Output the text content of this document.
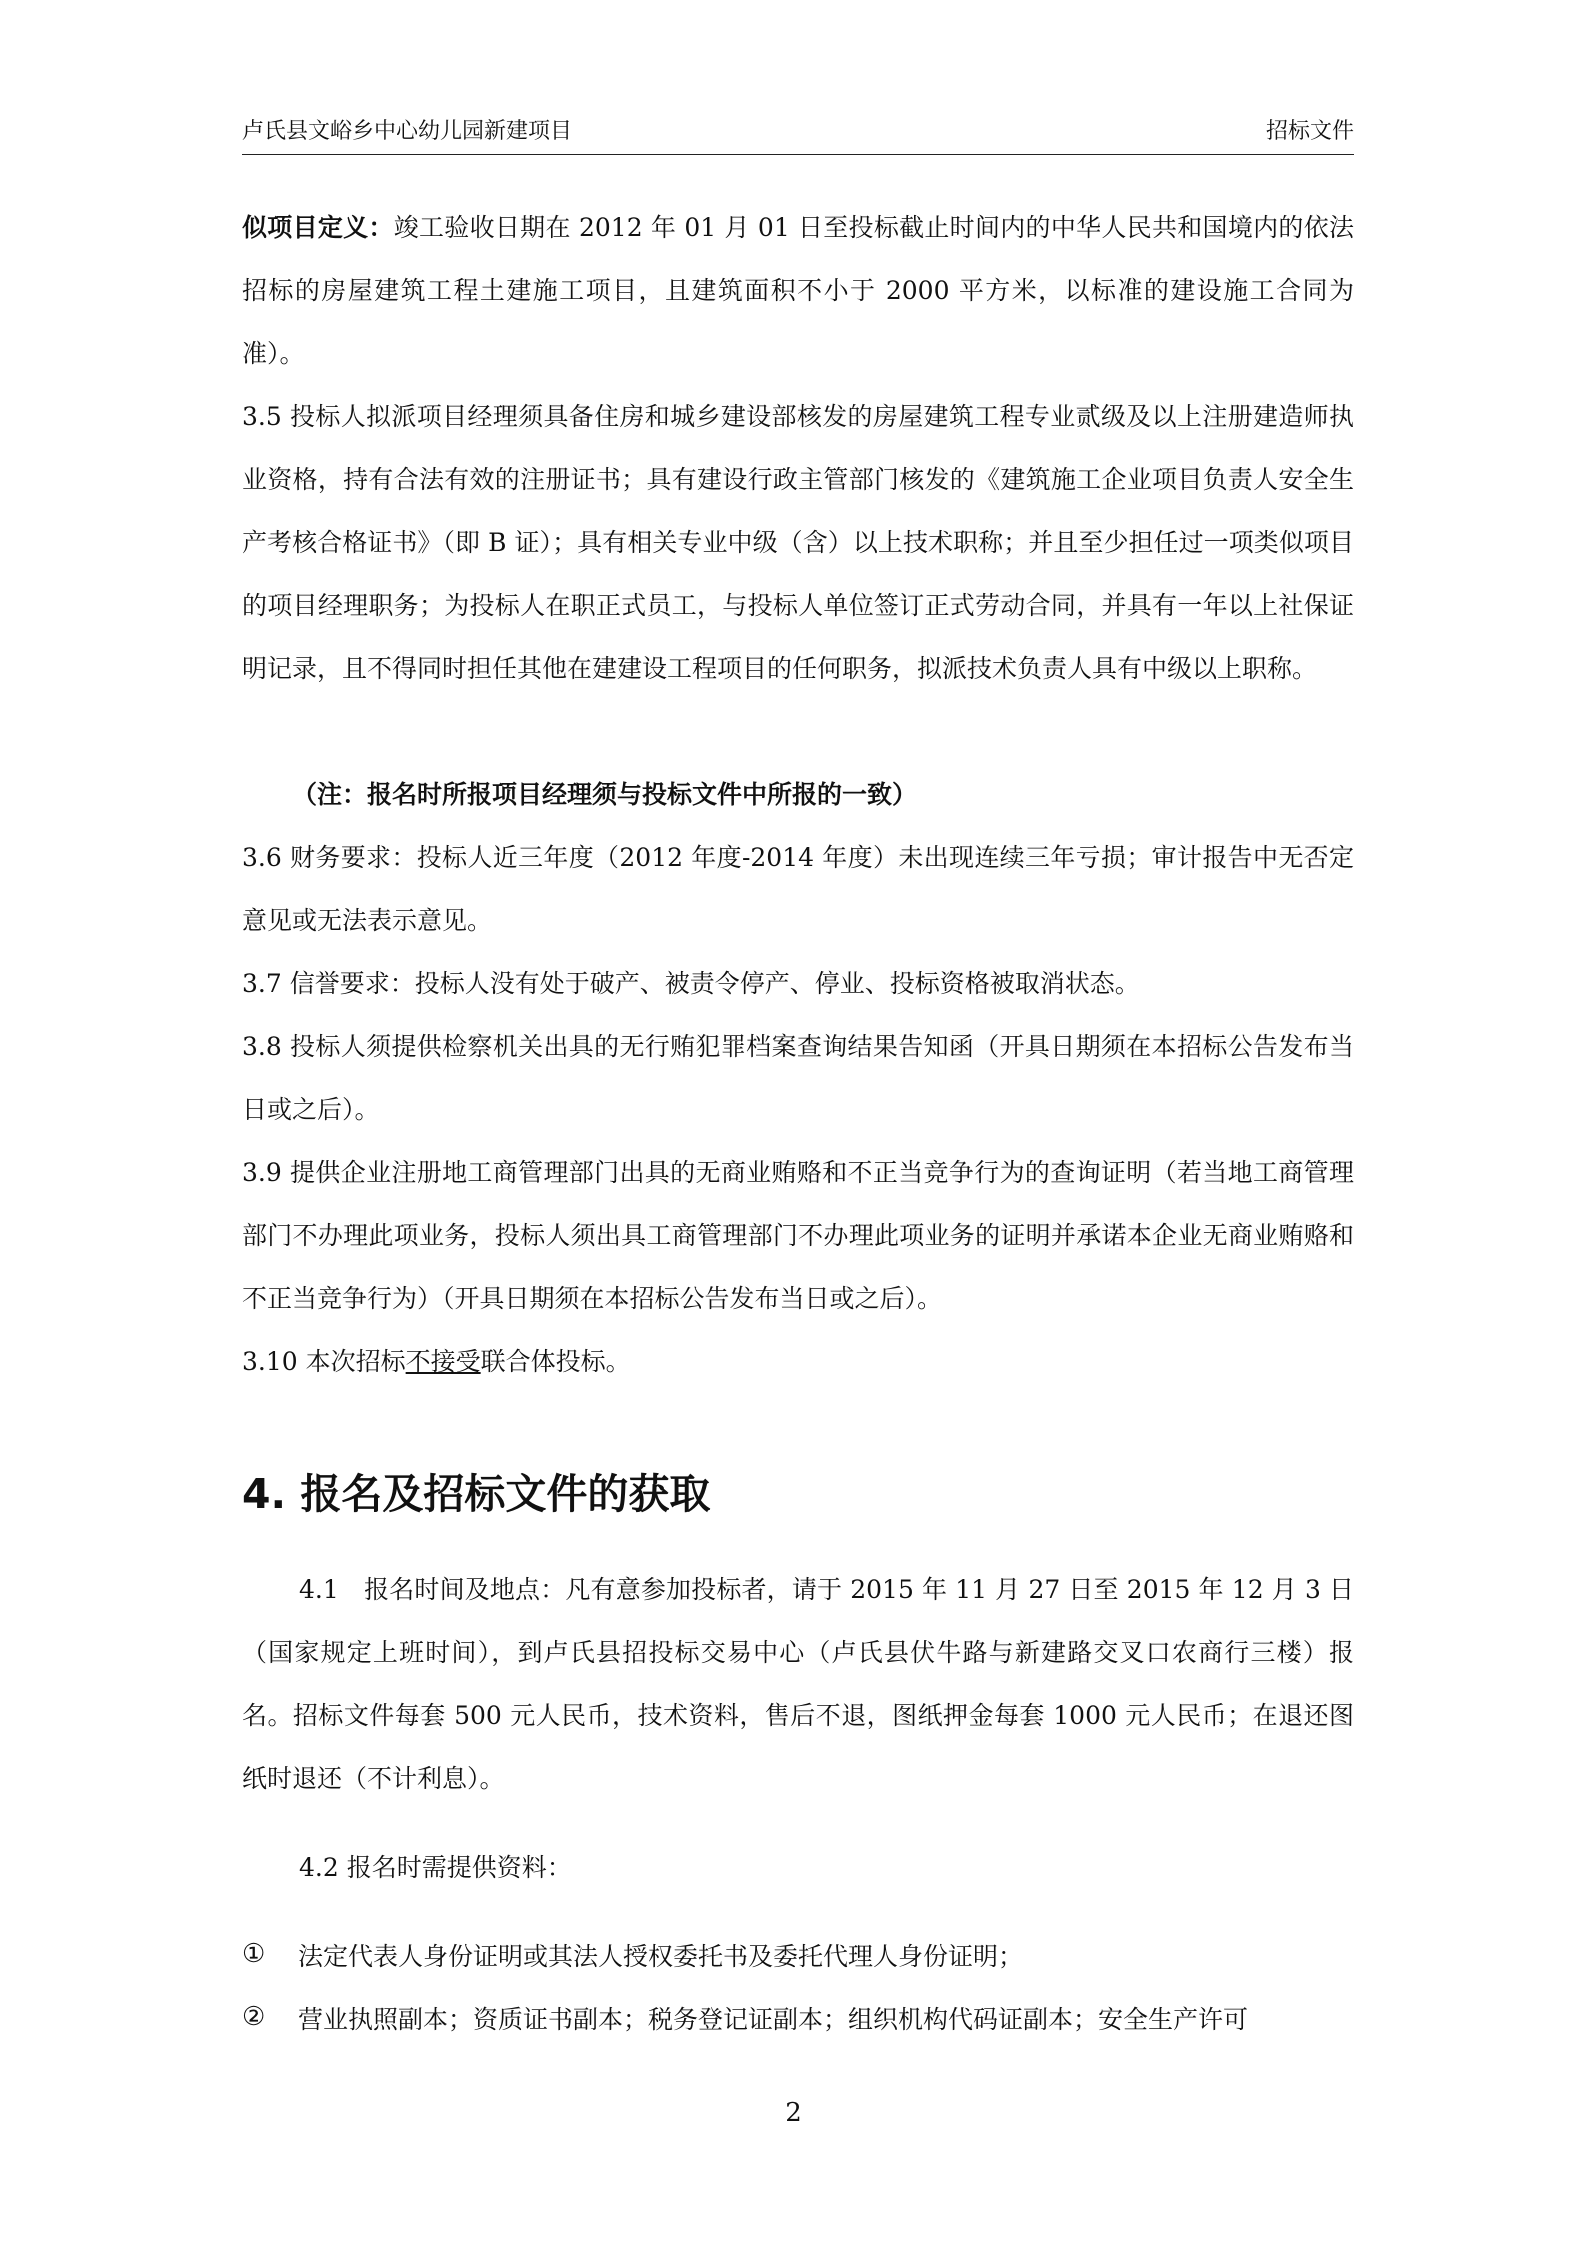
卢氏县文峪乡中心幼儿园新建项目	招标文件

似项目定义：竣工验收日期在 2012 年 01 月 01 日至投标截止时间内的中华人民共和国境内的依法招标的房屋建筑工程土建施工项目，且建筑面积不小于 2000 平方米，以标准的建设施工合同为准）。

3.5 投标人拟派项目经理须具备住房和城乡建设部核发的房屋建筑工程专业贰级及以上注册建造师执业资格，持有合法有效的注册证书；具有建设行政主管部门核发的《建筑施工企业项目负责人安全生产考核合格证书》（即 B 证）；具有相关专业中级（含）以上技术职称；并且至少担任过一项类似项目的项目经理职务；为投标人在职正式员工，与投标人单位签订正式劳动合同，并具有一年以上社保证明记录，且不得同时担任其他在建建设工程项目的任何职务，拟派技术负责人具有中级以上职称。

（注：报名时所报项目经理须与投标文件中所报的一致）

3.6 财务要求：投标人近三年度（2012 年度-2014 年度）未出现连续三年亏损；审计报告中无否定意见或无法表示意见。

3.7 信誉要求：投标人没有处于破产、被责令停产、停业、投标资格被取消状态。

3.8 投标人须提供检察机关出具的无行贿犯罪档案查询结果告知函（开具日期须在本招标公告发布当日或之后）。

3.9 提供企业注册地工商管理部门出具的无商业贿赂和不正当竞争行为的查询证明（若当地工商管理部门不办理此项业务，投标人须出具工商管理部门不办理此项业务的证明并承诺本企业无商业贿赂和不正当竞争行为）（开具日期须在本招标公告发布当日或之后）。

3.10 本次招标不接受联合体投标。

4. 报名及招标文件的获取

4.1　报名时间及地点：凡有意参加投标者，请于 2015 年 11 月 27 日至 2015 年 12 月 3 日（国家规定上班时间），到卢氏县招投标交易中心（卢氏县伏牛路与新建路交叉口农商行三楼）报名。招标文件每套 500 元人民币，技术资料，售后不退，图纸押金每套 1000 元人民币；在退还图纸时退还（不计利息）。

4.2 报名时需提供资料：

① 法定代表人身份证明或其法人授权委托书及委托代理人身份证明；

② 营业执照副本；资质证书副本；税务登记证副本；组织机构代码证副本；安全生产许可

2
